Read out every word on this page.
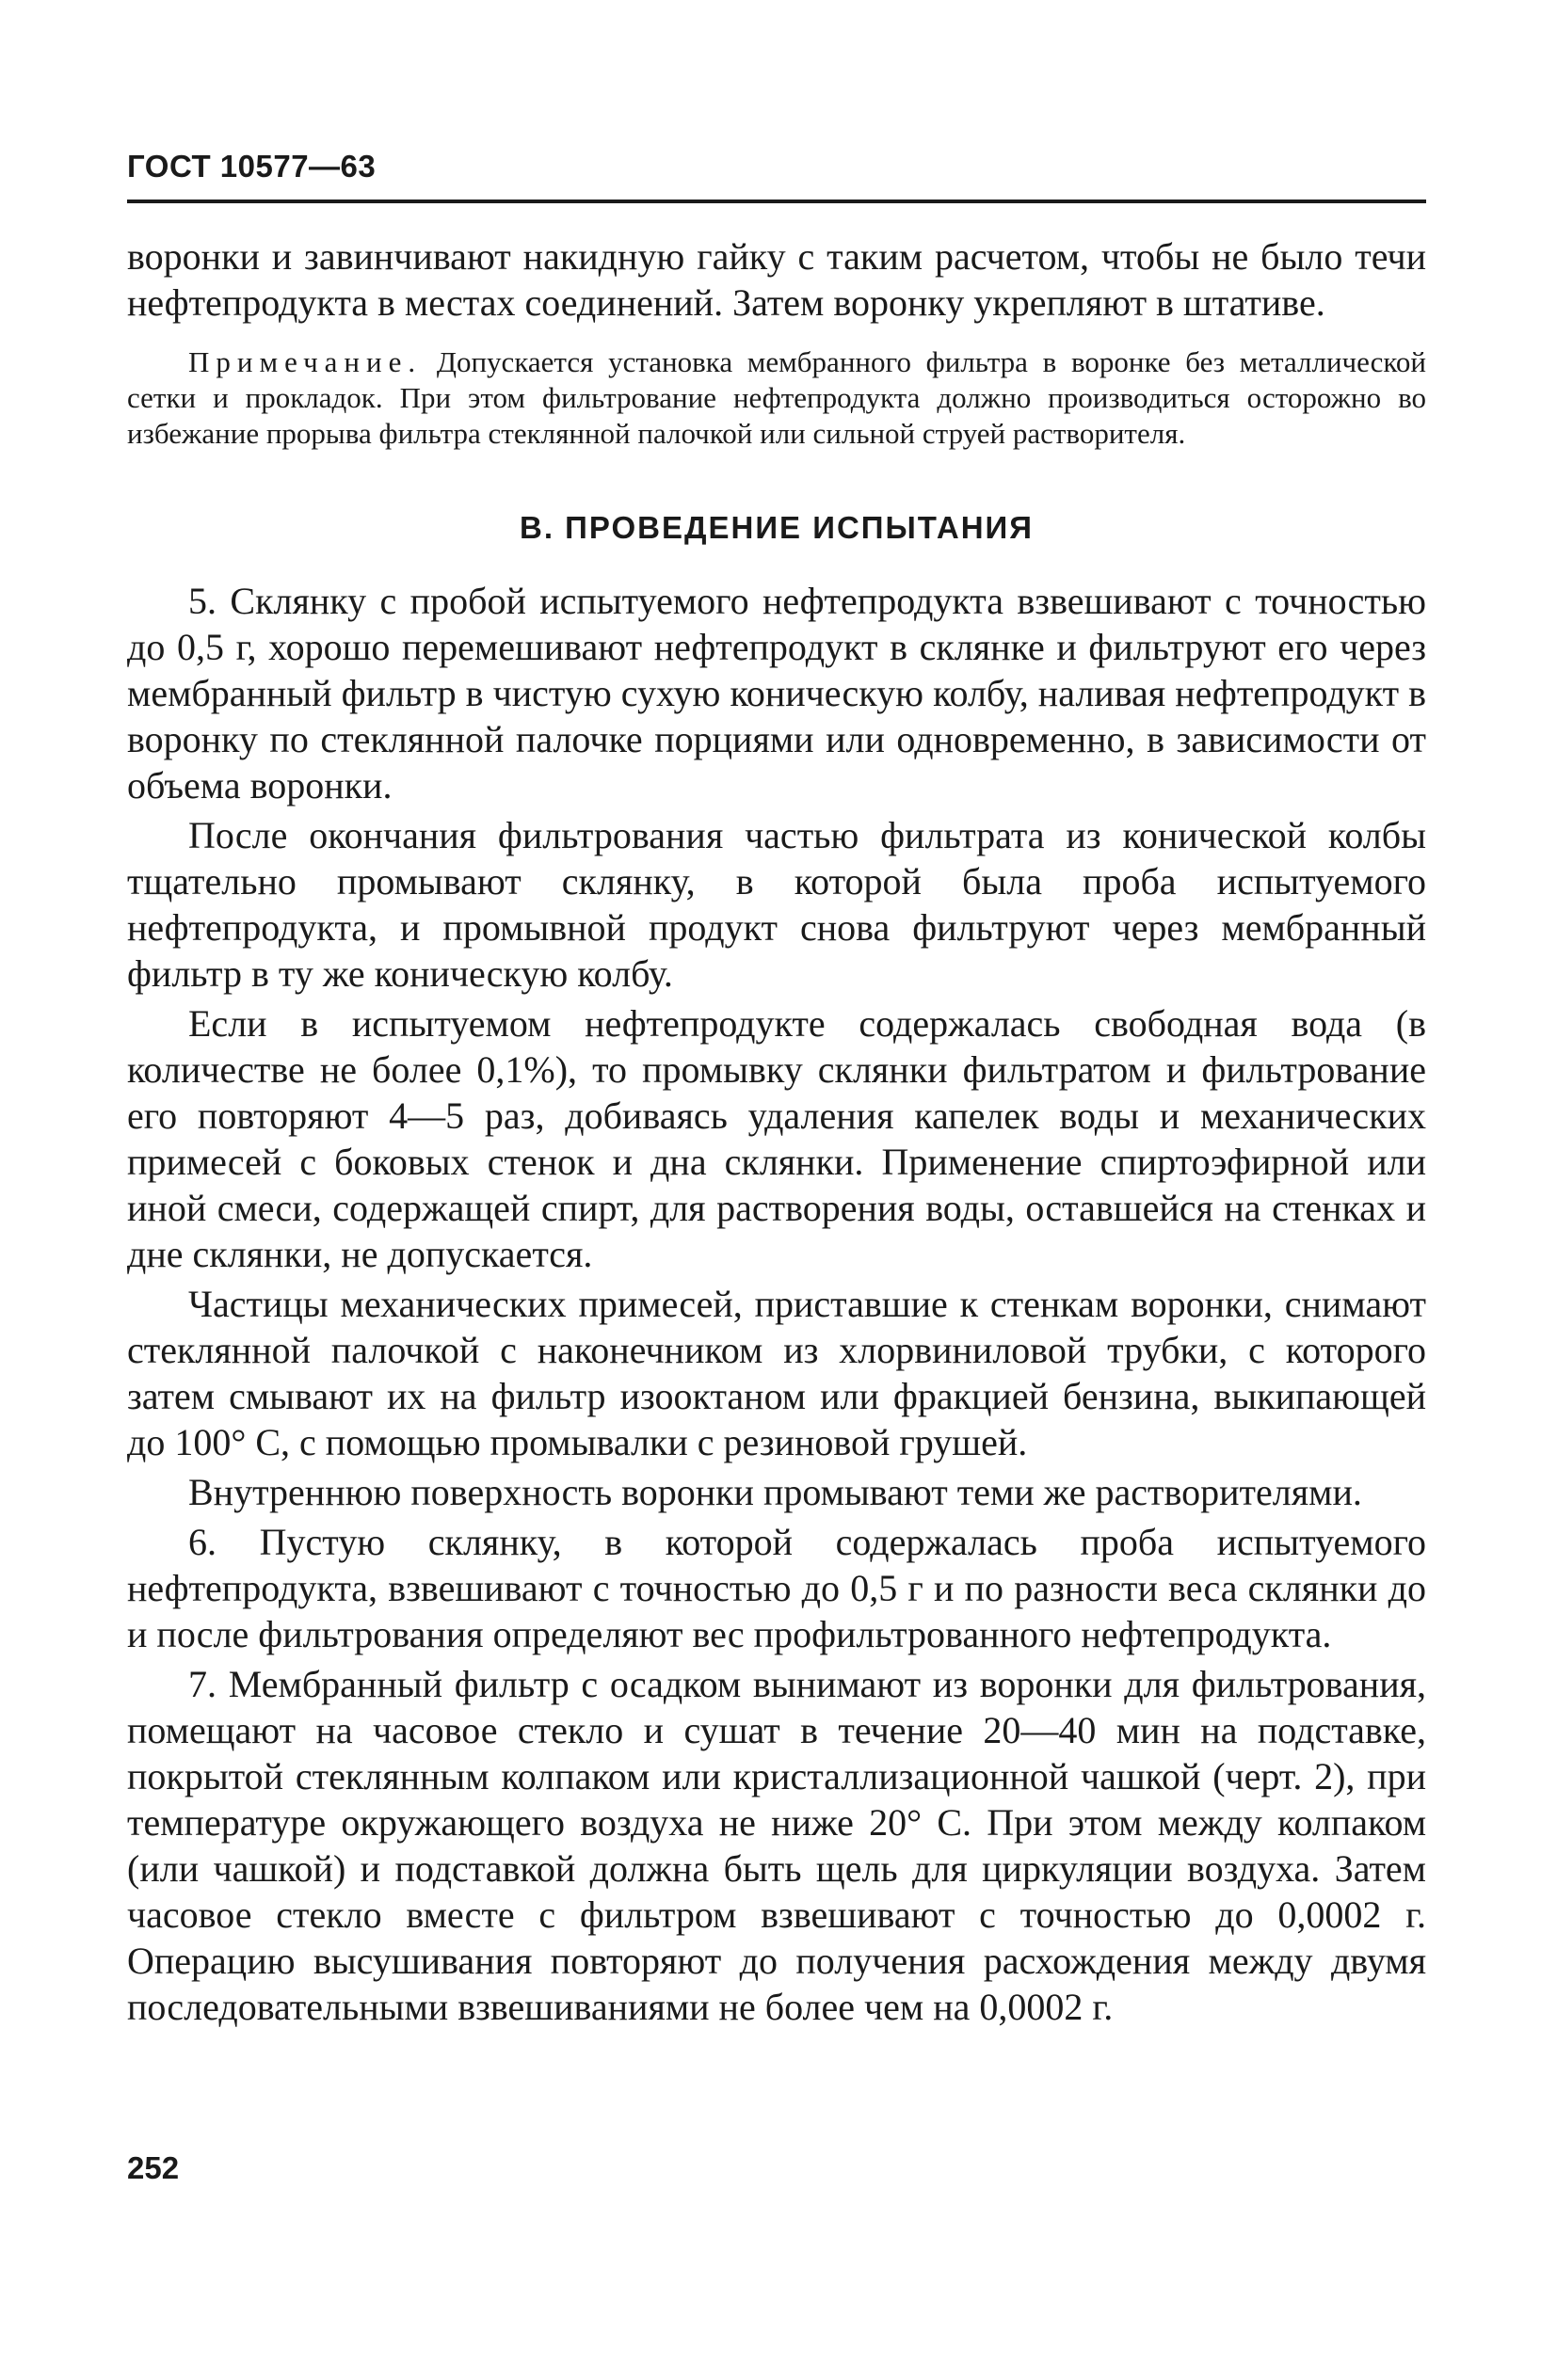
ГОСТ 10577—63

воронки и завинчивают накидную гайку с таким расчетом, чтобы не было течи нефтепродукта в местах соединений. Затем воронку укрепляют в штативе.

Примечание. Допускается установка мембранного фильтра в воронке без металлической сетки и прокладок. При этом фильтрование нефтепродукта должно производиться осторожно во избежание прорыва фильтра стеклянной палочкой или сильной струей растворителя.

В. ПРОВЕДЕНИЕ ИСПЫТАНИЯ

5. Склянку с пробой испытуемого нефтепродукта взвешивают с точностью до 0,5 г, хорошо перемешивают нефтепродукт в склянке и фильтруют его через мембранный фильтр в чистую сухую коническую колбу, наливая нефтепродукт в воронку по стеклянной палочке порциями или одновременно, в зависимости от объема воронки.

После окончания фильтрования частью фильтрата из конической колбы тщательно промывают склянку, в которой была проба испытуемого нефтепродукта, и промывной продукт снова фильтруют через мембранный фильтр в ту же коническую колбу.

Если в испытуемом нефтепродукте содержалась свободная вода (в количестве не более 0,1%), то промывку склянки фильтратом и фильтрование его повторяют 4—5 раз, добиваясь удаления капелек воды и механических примесей с боковых стенок и дна склянки. Применение спиртоэфирной или иной смеси, содержащей спирт, для растворения воды, оставшейся на стенках и дне склянки, не допускается.

Частицы механических примесей, приставшие к стенкам воронки, снимают стеклянной палочкой с наконечником из хлорвиниловой трубки, с которого затем смывают их на фильтр изооктаном или фракцией бензина, выкипающей до 100° С, с помощью промывалки с резиновой грушей.

Внутреннюю поверхность воронки промывают теми же растворителями.

6. Пустую склянку, в которой содержалась проба испытуемого нефтепродукта, взвешивают с точностью до 0,5 г и по разности веса склянки до и после фильтрования определяют вес профильтрованного нефтепродукта.

7. Мембранный фильтр с осадком вынимают из воронки для фильтрования, помещают на часовое стекло и сушат в течение 20—40 мин на подставке, покрытой стеклянным колпаком или кристаллизационной чашкой (черт. 2), при температуре окружающего воздуха не ниже 20° С. При этом между колпаком (или чашкой) и подставкой должна быть щель для циркуляции воздуха. Затем часовое стекло вместе с фильтром взвешивают с точностью до 0,0002 г. Операцию высушивания повторяют до получения расхождения между двумя последовательными взвешиваниями не более чем на 0,0002 г.

252
